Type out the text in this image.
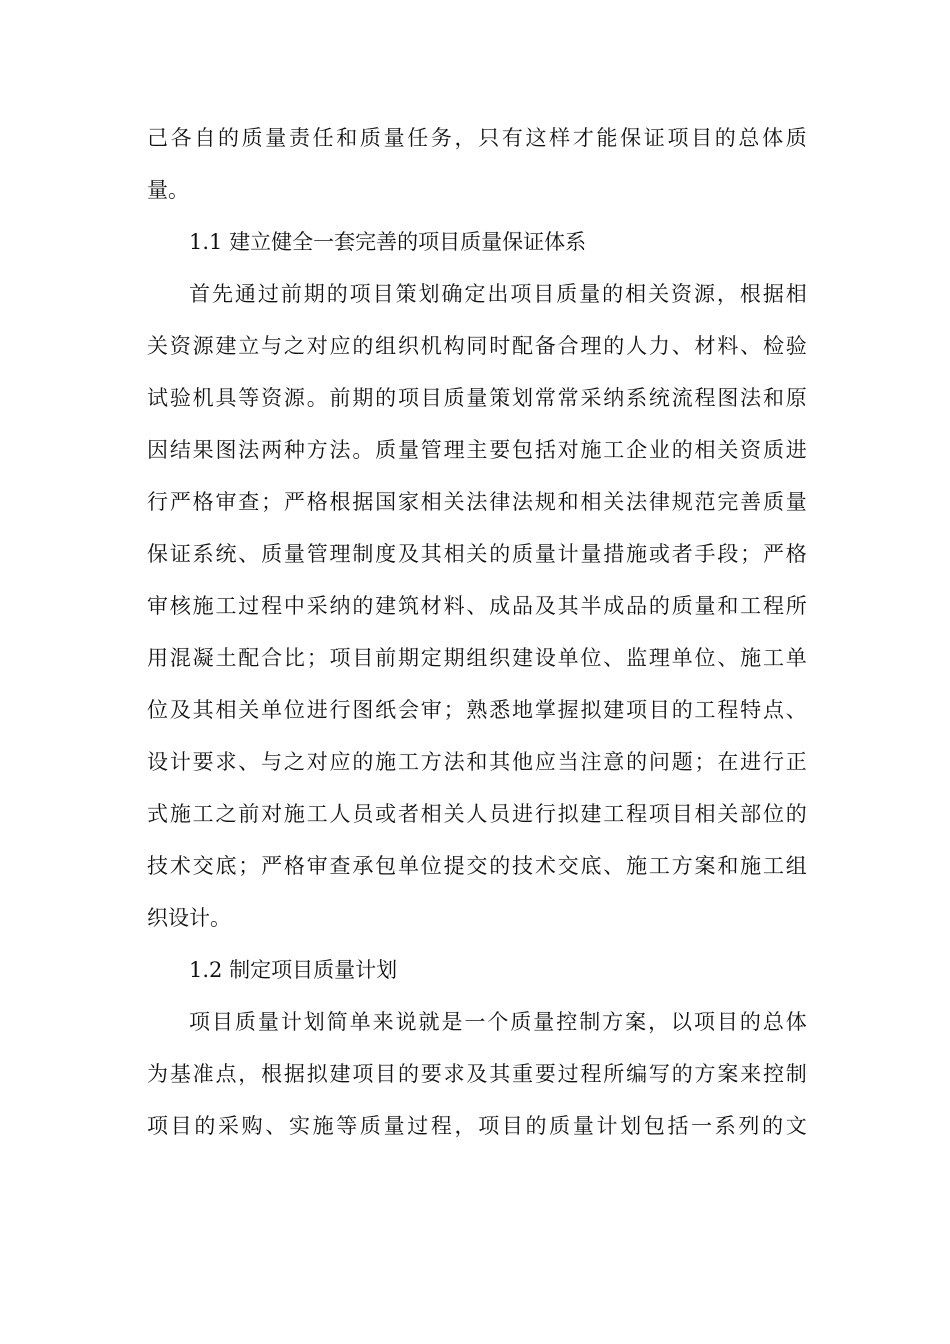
己 各 自 的 质 量 责 任 和 质 量 任 务 ， 只 有 这 样 才 能 保 证 项 目 的 总 体 质
量。
1.1 建立健全一套完善的项目质量保证体系
首 先 通 过 前 期 的 项 目 策 划 确 定 出 项 目 质 量 的 相 关 资 源 ， 根 据 相
关 资 源 建 立 与 之 对 应 的 组 织 机 构 同 时 配 备 合 理 的 人 力 、 材 料 、 检 验
试 验 机 具 等 资 源 。 前 期 的 项 目 质 量 策 划 常 常 采 纳 系 统 流 程 图 法 和 原
因 结 果 图 法 两 种 方 法 。 质 量 管 理 主 要 包 括 对 施 工 企 业 的 相 关 资 质 进
行 严 格 审 查 ； 严 格 根 据 国 家 相 关 法 律 法 规 和 相 关 法 律 规 范 完 善 质 量
保 证 系 统 、 质 量 管 理 制 度 及 其 相 关 的 质 量 计 量 措 施 或 者 手 段 ； 严 格
审 核 施 工 过 程 中 采 纳 的 建 筑 材 料 、 成 品 及 其 半 成 品 的 质 量 和 工 程 所
用 混 凝 土 配 合 比 ； 项 目 前 期 定 期 组 织 建 设 单 位 、 监 理 单 位 、 施 工 单
位 及 其 相 关 单 位 进 行 图 纸 会 审 ； 熟 悉 地 掌 握 拟 建 项 目 的 工 程 特 点 、
设 计 要 求 、 与 之 对 应 的 施 工 方 法 和 其 他 应 当 注 意 的 问 题 ； 在 进 行 正
式 施 工 之 前 对 施 工 人 员 或 者 相 关 人 员 进 行 拟 建 工 程 项 目 相 关 部 位 的
技 术 交 底 ； 严 格 审 查 承 包 单 位 提 交 的 技 术 交 底 、 施 工 方 案 和 施 工 组
织设计。
1.2 制定项目质量计划
项 目 质 量 计 划 简 单 来 说 就 是 一 个 质 量 控 制 方 案 ， 以 项 目 的 总 体
为 基 准 点 ， 根 据 拟 建 项 目 的 要 求 及 其 重 要 过 程 所 编 写 的 方 案 来 控 制
项 目 的 采 购 、 实 施 等 质 量 过 程 ， 项 目 的 质 量 计 划 包 括 一 系 列 的 文
